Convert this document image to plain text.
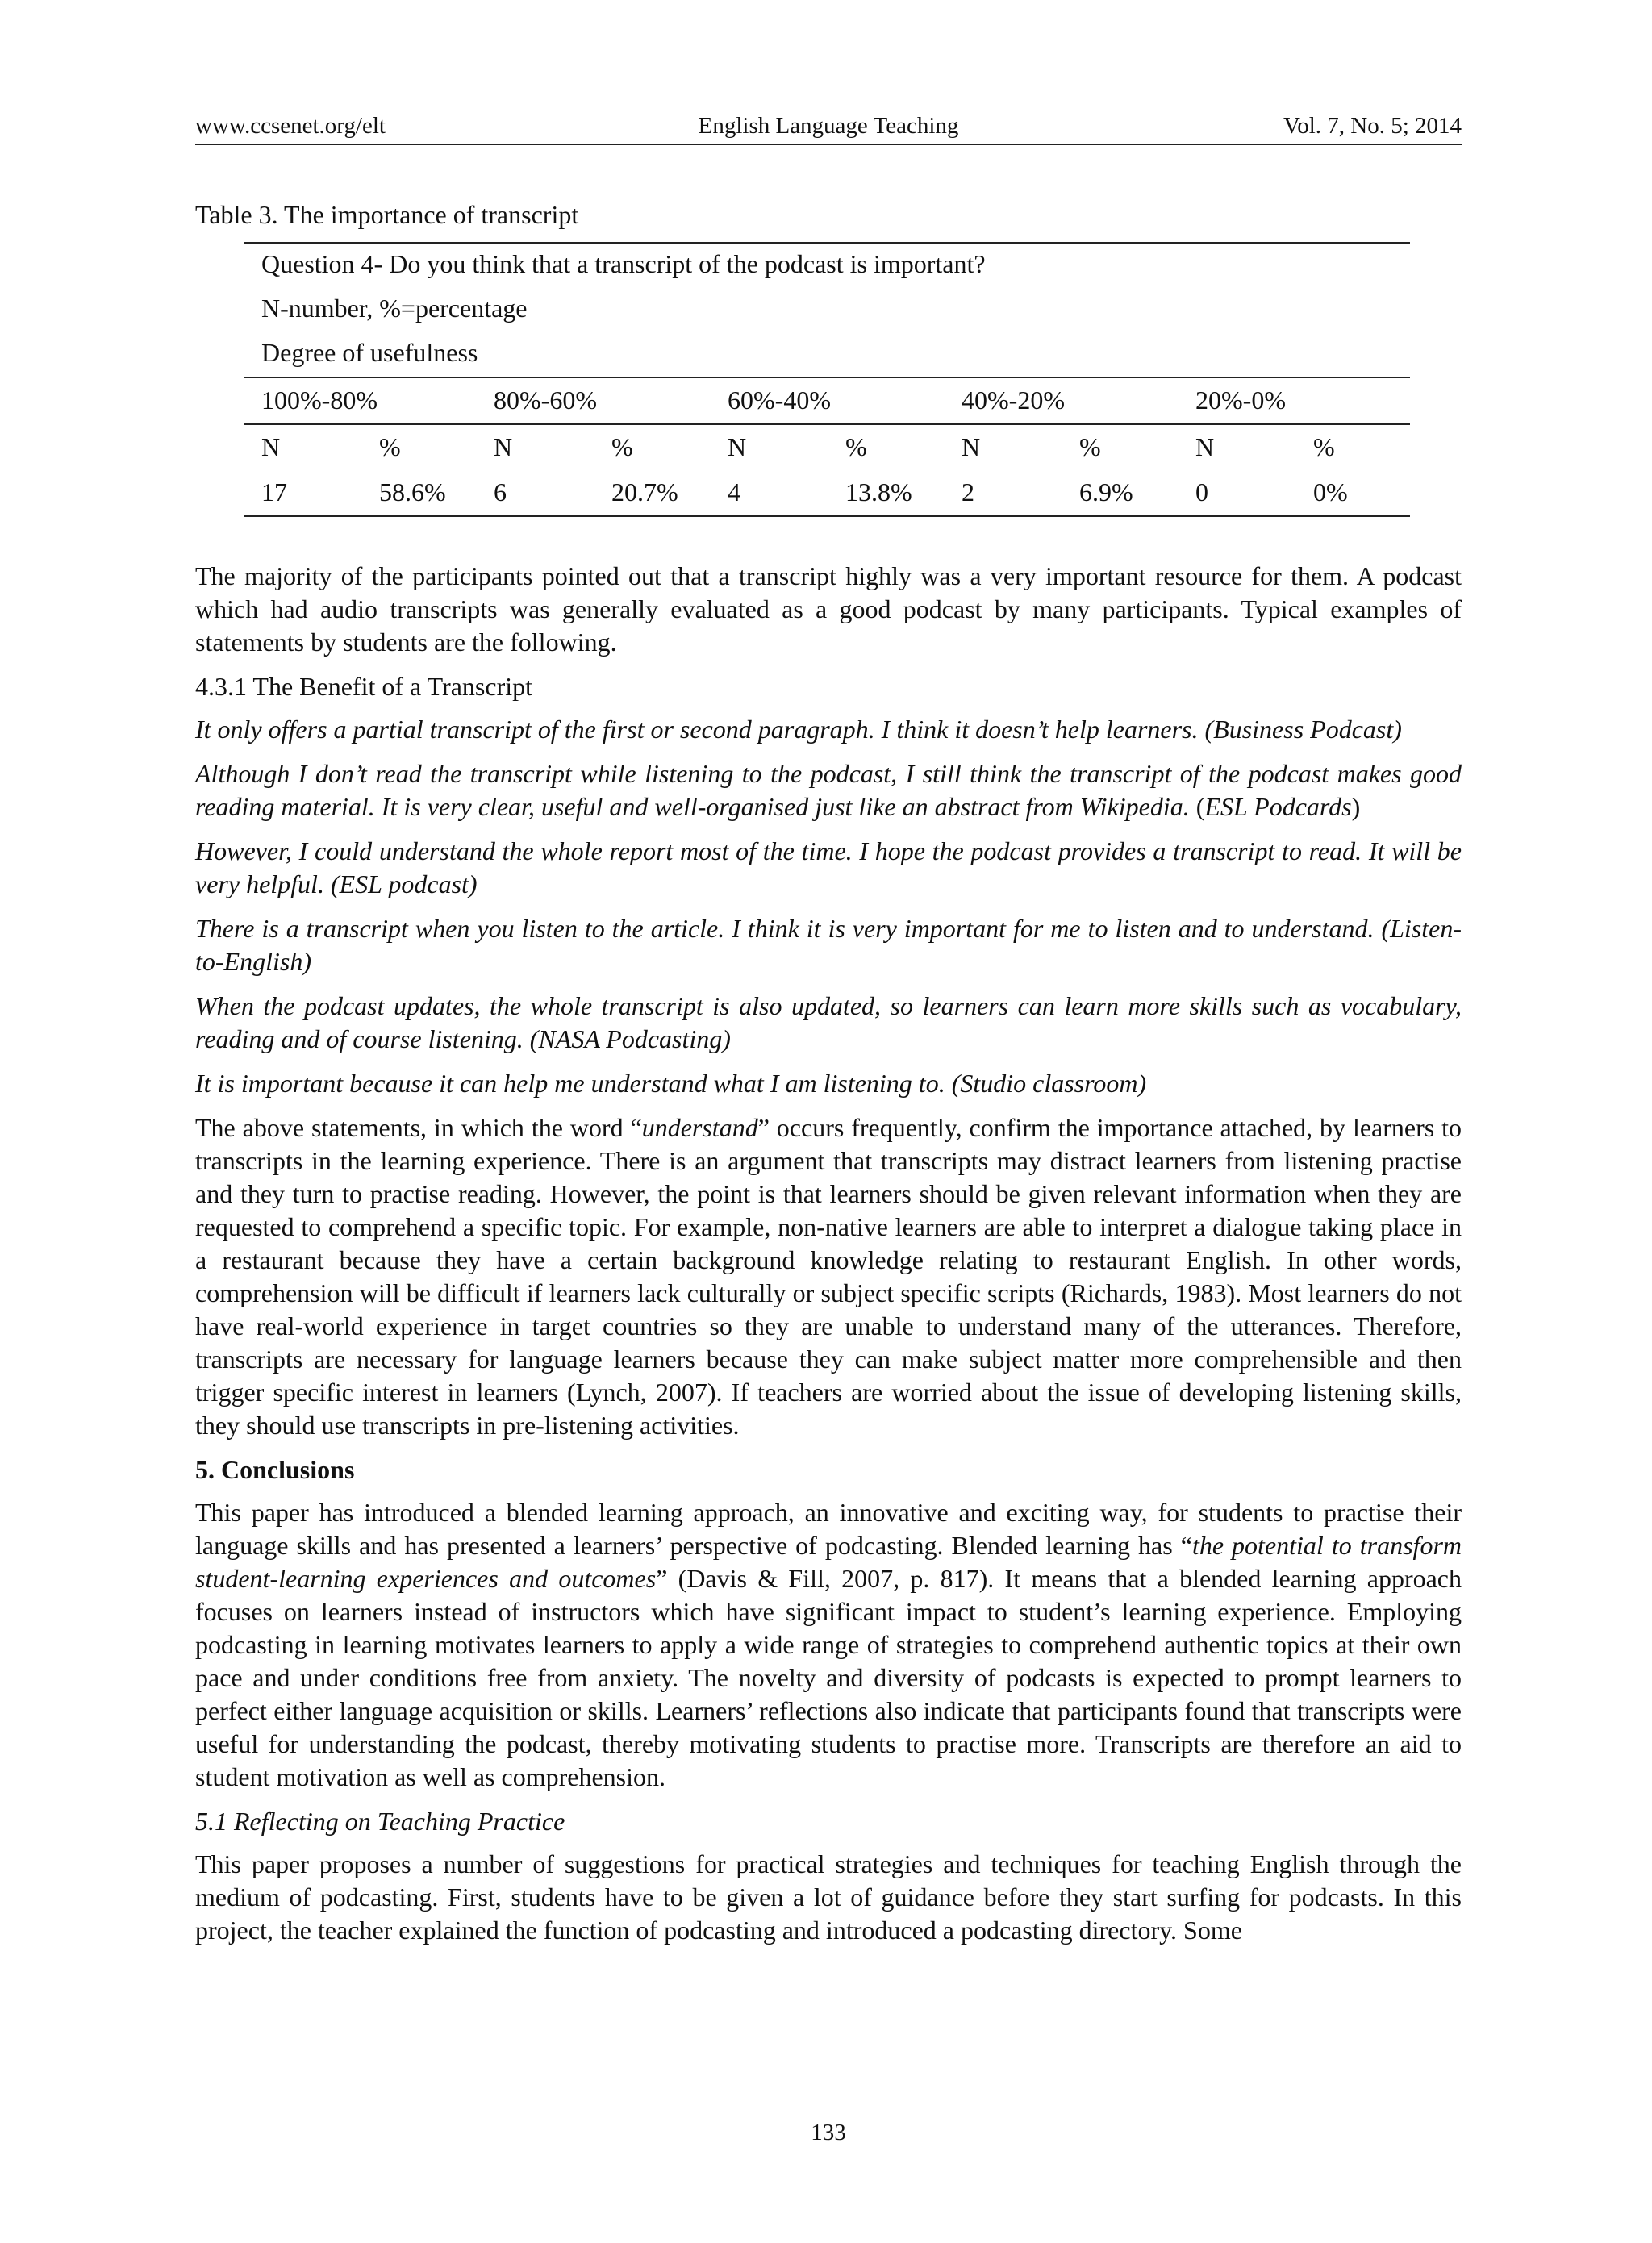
www.ccsenet.org/elt	English Language Teaching	Vol. 7, No. 5; 2014
Table 3. The importance of transcript
Question 4- Do you think that a transcript of the podcast is important?
N-number, %=percentage
Degree of usefulness
100%-80%	80%-60%	60%-40%	40%-20%	20%-0%
N	%	N	%	N	%	N	%	N	%
17	58.6% 6	20.7% 4	13.8% 2	6.9% 0	0%

The majority of the participants pointed out that a transcript highly was a very important resource for them. A podcast which had audio transcripts was generally evaluated as a good podcast by many participants. Typical examples of statements by students are the following.

4.3.1 The Benefit of a Transcript

It only offers a partial transcript of the first or second paragraph. I think it doesn’t help learners. (Business Podcast)

Although I don’t read the transcript while listening to the podcast, I still think the transcript of the podcast makes good reading material. It is very clear, useful and well-organised just like an abstract from Wikipedia. (ESL Podcards)

However, I could understand the whole report most of the time. I hope the podcast provides a transcript to read. It will be very helpful. (ESL podcast)

There is a transcript when you listen to the article. I think it is very important for me to listen and to understand. (Listen-to-English)

When the podcast updates, the whole transcript is also updated, so learners can learn more skills such as vocabulary, reading and of course listening. (NASA Podcasting)

It is important because it can help me understand what I am listening to. (Studio classroom)

The above statements, in which the word “understand” occurs frequently, confirm the importance attached, by learners to transcripts in the learning experience. There is an argument that transcripts may distract learners from listening practise and they turn to practise reading. However, the point is that learners should be given relevant information when they are requested to comprehend a specific topic. For example, non-native learners are able to interpret a dialogue taking place in a restaurant because they have a certain background knowledge relating to restaurant English. In other words, comprehension will be difficult if learners lack culturally or subject specific scripts (Richards, 1983). Most learners do not have real-world experience in target countries so they are unable to understand many of the utterances. Therefore, transcripts are necessary for language learners because they can make subject matter more comprehensible and then trigger specific interest in learners (Lynch, 2007). If teachers are worried about the issue of developing listening skills, they should use transcripts in pre-listening activities.

5. Conclusions

This paper has introduced a blended learning approach, an innovative and exciting way, for students to practise their language skills and has presented a learners’ perspective of podcasting. Blended learning has “the potential to transform student-learning experiences and outcomes” (Davis & Fill, 2007, p. 817). It means that a blended learning approach focuses on learners instead of instructors which have significant impact to student’s learning experience. Employing podcasting in learning motivates learners to apply a wide range of strategies to comprehend authentic topics at their own pace and under conditions free from anxiety. The novelty and diversity of podcasts is expected to prompt learners to perfect either language acquisition or skills. Learners’ reflections also indicate that participants found that transcripts were useful for understanding the podcast, thereby motivating students to practise more. Transcripts are therefore an aid to student motivation as well as comprehension.

5.1 Reflecting on Teaching Practice

This paper proposes a number of suggestions for practical strategies and techniques for teaching English through the medium of podcasting. First, students have to be given a lot of guidance before they start surfing for podcasts. In this project, the teacher explained the function of podcasting and introduced a podcasting directory. Some

133
